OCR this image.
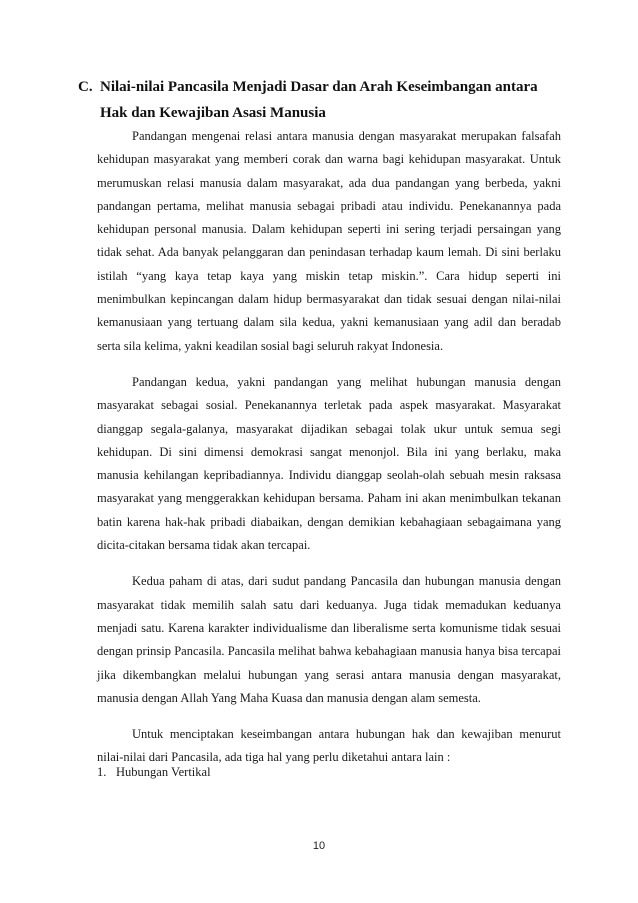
C. Nilai-nilai Pancasila Menjadi Dasar dan Arah Keseimbangan antara
Hak dan Kewajiban Asasi Manusia

Pandangan mengenai relasi antara manusia dengan masyarakat merupakan falsafah kehidupan masyarakat yang memberi corak dan warna bagi kehidupan masyarakat. Untuk merumuskan relasi manusia dalam masyarakat, ada dua pandangan yang berbeda, yakni pandangan pertama, melihat manusia sebagai pribadi atau individu. Penekanannya pada kehidupan personal manusia. Dalam kehidupan seperti ini sering terjadi persaingan yang tidak sehat. Ada banyak pelanggaran dan penindasan terhadap kaum lemah. Di sini berlaku istilah “yang kaya tetap kaya yang miskin tetap miskin.”. Cara hidup seperti ini menimbulkan kepincangan dalam hidup bermasyarakat dan tidak sesuai dengan nilai-nilai kemanusiaan yang tertuang dalam sila kedua, yakni kemanusiaan yang adil dan beradab serta sila kelima, yakni keadilan sosial bagi seluruh rakyat Indonesia.

Pandangan kedua, yakni pandangan yang melihat hubungan manusia dengan masyarakat sebagai sosial. Penekanannya terletak pada aspek masyarakat. Masyarakat dianggap segala-galanya, masyarakat dijadikan sebagai tolak ukur untuk semua segi kehidupan. Di sini dimensi demokrasi sangat menonjol. Bila ini yang berlaku, maka manusia kehilangan kepribadiannya. Individu dianggap seolah-olah sebuah mesin raksasa masyarakat yang menggerakkan kehidupan bersama. Paham ini akan menimbulkan tekanan batin karena hak-hak pribadi diabaikan, dengan demikian kebahagiaan sebagaimana yang dicita-citakan bersama tidak akan tercapai.

Kedua paham di atas, dari sudut pandang Pancasila dan hubungan manusia dengan masyarakat tidak memilih salah satu dari keduanya. Juga tidak memadukan keduanya menjadi satu. Karena karakter individualisme dan liberalisme serta komunisme tidak sesuai dengan prinsip Pancasila. Pancasila melihat bahwa kebahagiaan manusia hanya bisa tercapai jika dikembangkan melalui hubungan yang serasi antara manusia dengan masyarakat, manusia dengan Allah Yang Maha Kuasa dan manusia dengan alam semesta.

Untuk menciptakan keseimbangan antara hubungan hak dan kewajiban menurut nilai-nilai dari Pancasila, ada tiga hal yang perlu diketahui antara lain :

1. Hubungan Vertikal
10
